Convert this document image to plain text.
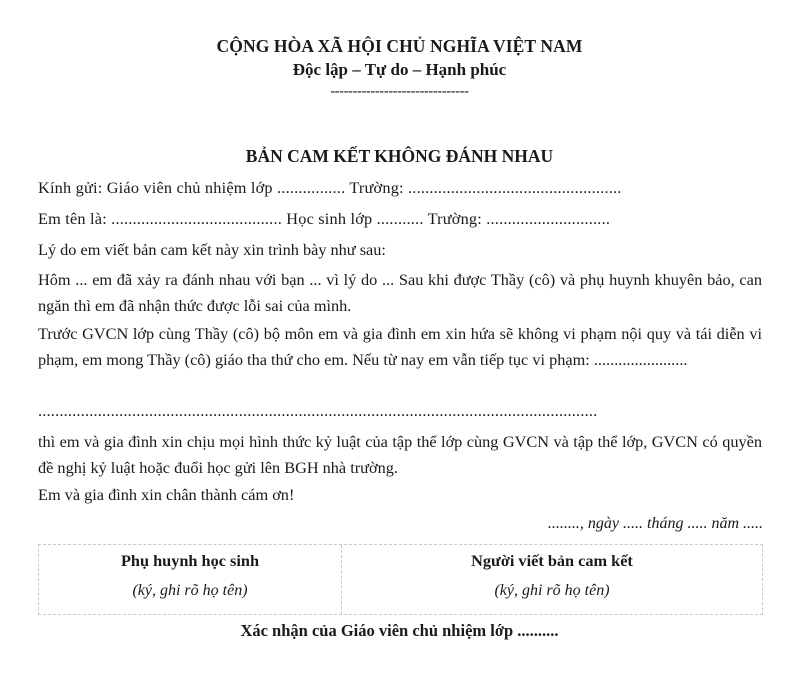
CỘNG HÒA XÃ HỘI CHỦ NGHĨA VIỆT NAM
Độc lập – Tự do – Hạnh phúc
-------------------------------
BẢN CAM KẾT KHÔNG ĐÁNH NHAU
Kính gửi: Giáo viên chủ nhiệm lớp ................ Trường: ..................................................
Em tên là: ........................................ Học sinh lớp ........... Trường: .............................
Lý do em viết bản cam kết này xin trình bày như sau:
Hôm ... em đã xảy ra đánh nhau với bạn ... vì lý do ... Sau khi được Thầy (cô) và phụ huynh khuyên bảo, can ngăn thì em đã nhận thức được lỗi sai của mình.
Trước GVCN lớp cùng Thầy (cô) bộ môn em và gia đình em xin hứa sẽ không vi phạm nội quy và tái diễn vi phạm, em mong Thầy (cô) giáo tha thứ cho em. Nếu từ nay em vẫn tiếp tục vi phạm: .......................
...................................................................................................................................
thì em và gia đình xin chịu mọi hình thức kỷ luật của tập thể lớp cùng GVCN và tập thể lớp, GVCN có quyền đề nghị kỷ luật hoặc đuổi học gửi lên BGH nhà trường.
Em và gia đình xin chân thành cám ơn!
........, ngày ..... tháng ..... năm .....
Phụ huynh học sinh
(ký, ghi rõ họ tên)
Người viết bản cam kết
(ký, ghi rõ họ tên)
Xác nhận của Giáo viên chủ nhiệm lớp ..........
